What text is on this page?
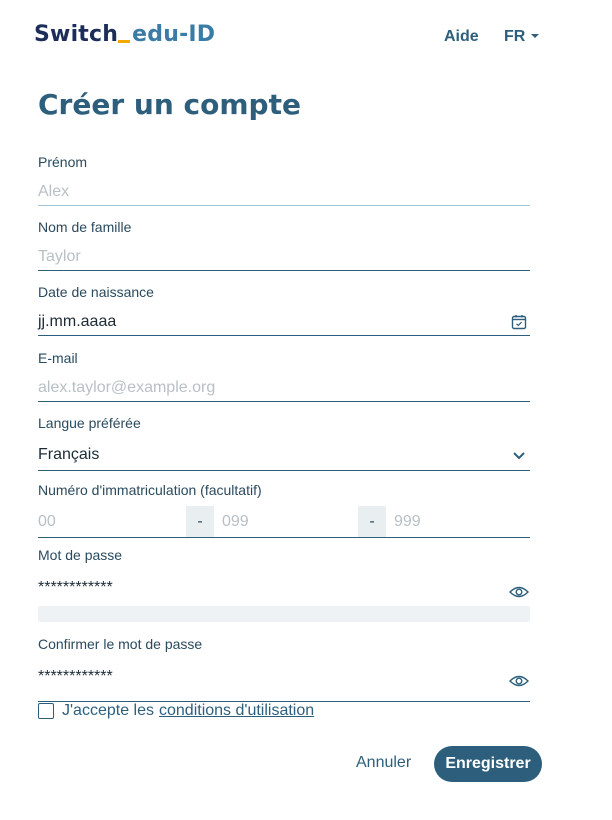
Switch edu-ID	Aide FR
Créer un compte
Prénom
Alex
Nom de famille
Taylor
Date de naissance
jj.mm.aaaa
E-mail
alex.taylor@example.org
Langue préférée
Français
Numéro d'immatriculation (facultatif)
00	-	099	-	999
Mot de passe
************
Confirmer le mot de passe
************
J'accepte les conditions d'utilisation
Annuler	Enregistrer
